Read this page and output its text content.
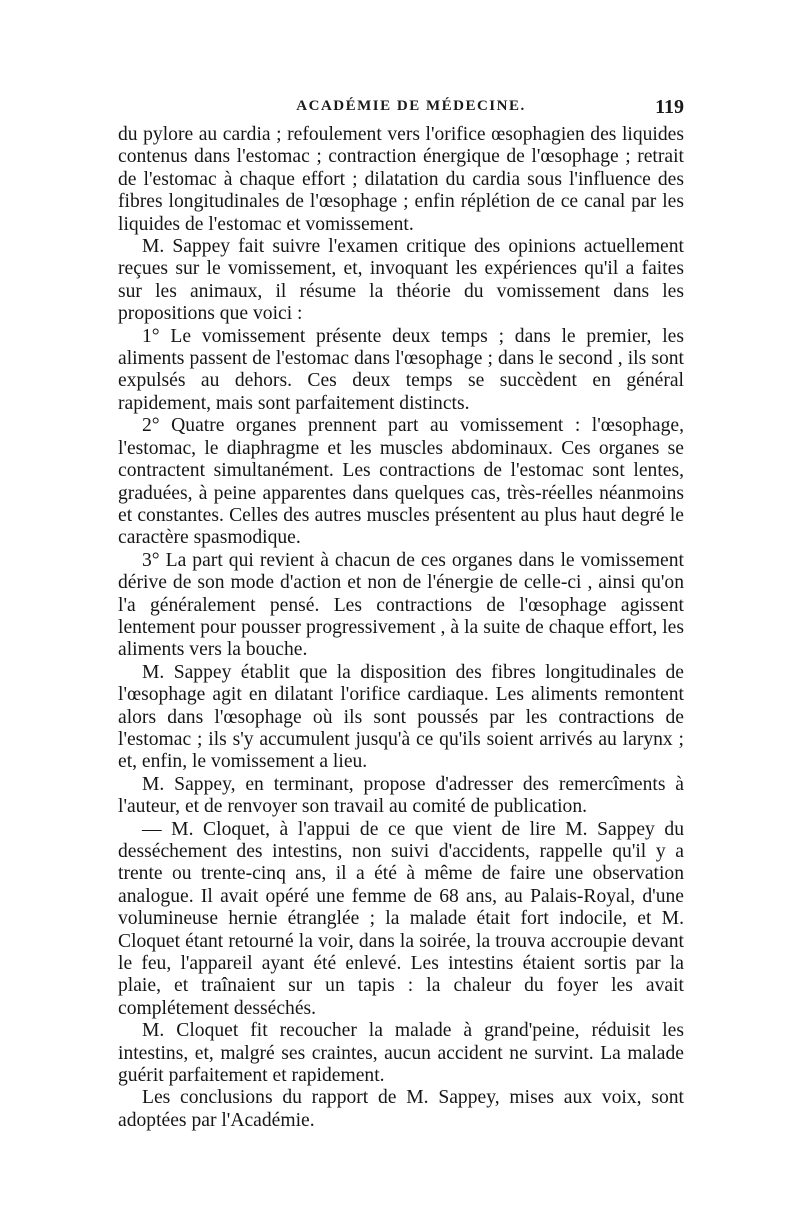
ACADÉMIE DE MÉDECINE.	119

du pylore au cardia ; refoulement vers l'orifice œsophagien des liquides contenus dans l'estomac ; contraction énergique de l'œsophage ; retrait de l'estomac à chaque effort ; dilatation du cardia sous l'influence des fibres longitudinales de l'œsophage ; enfin réplétion de ce canal par les liquides de l'estomac et vomissement.

M. Sappey fait suivre l'examen critique des opinions actuellement reçues sur le vomissement, et, invoquant les expériences qu'il a faites sur les animaux, il résume la théorie du vomissement dans les propositions que voici :

1° Le vomissement présente deux temps ; dans le premier, les aliments passent de l'estomac dans l'œsophage ; dans le second , ils sont expulsés au dehors. Ces deux temps se succèdent en général rapidement, mais sont parfaitement distincts.

2° Quatre organes prennent part au vomissement : l'œsophage, l'estomac, le diaphragme et les muscles abdominaux. Ces organes se contractent simultanément. Les contractions de l'estomac sont lentes, graduées, à peine apparentes dans quelques cas, très-réelles néanmoins et constantes. Celles des autres muscles présentent au plus haut degré le caractère spasmodique.

3° La part qui revient à chacun de ces organes dans le vomissement dérive de son mode d'action et non de l'énergie de celle-ci , ainsi qu'on l'a généralement pensé. Les contractions de l'œsophage agissent lentement pour pousser progressivement , à la suite de chaque effort, les aliments vers la bouche.

M. Sappey établit que la disposition des fibres longitudinales de l'œsophage agit en dilatant l'orifice cardiaque. Les aliments remontent alors dans l'œsophage où ils sont poussés par les contractions de l'estomac ; ils s'y accumulent jusqu'à ce qu'ils soient arrivés au larynx ; et, enfin, le vomissement a lieu.

M. Sappey, en terminant, propose d'adresser des remercîments à l'auteur, et de renvoyer son travail au comité de publication.

— M. Cloquet, à l'appui de ce que vient de lire M. Sappey du desséchement des intestins, non suivi d'accidents, rappelle qu'il y a trente ou trente-cinq ans, il a été à même de faire une observation analogue. Il avait opéré une femme de 68 ans, au Palais-Royal, d'une volumineuse hernie étranglée ; la malade était fort indocile, et M. Cloquet étant retourné la voir, dans la soirée, la trouva accroupie devant le feu, l'appareil ayant été enlevé. Les intestins étaient sortis par la plaie, et traînaient sur un tapis : la chaleur du foyer les avait complétement desséchés.

M. Cloquet fit recoucher la malade à grand'peine, réduisit les intestins, et, malgré ses craintes, aucun accident ne survint. La malade guérit parfaitement et rapidement.

Les conclusions du rapport de M. Sappey, mises aux voix, sont adoptées par l'Académie.
